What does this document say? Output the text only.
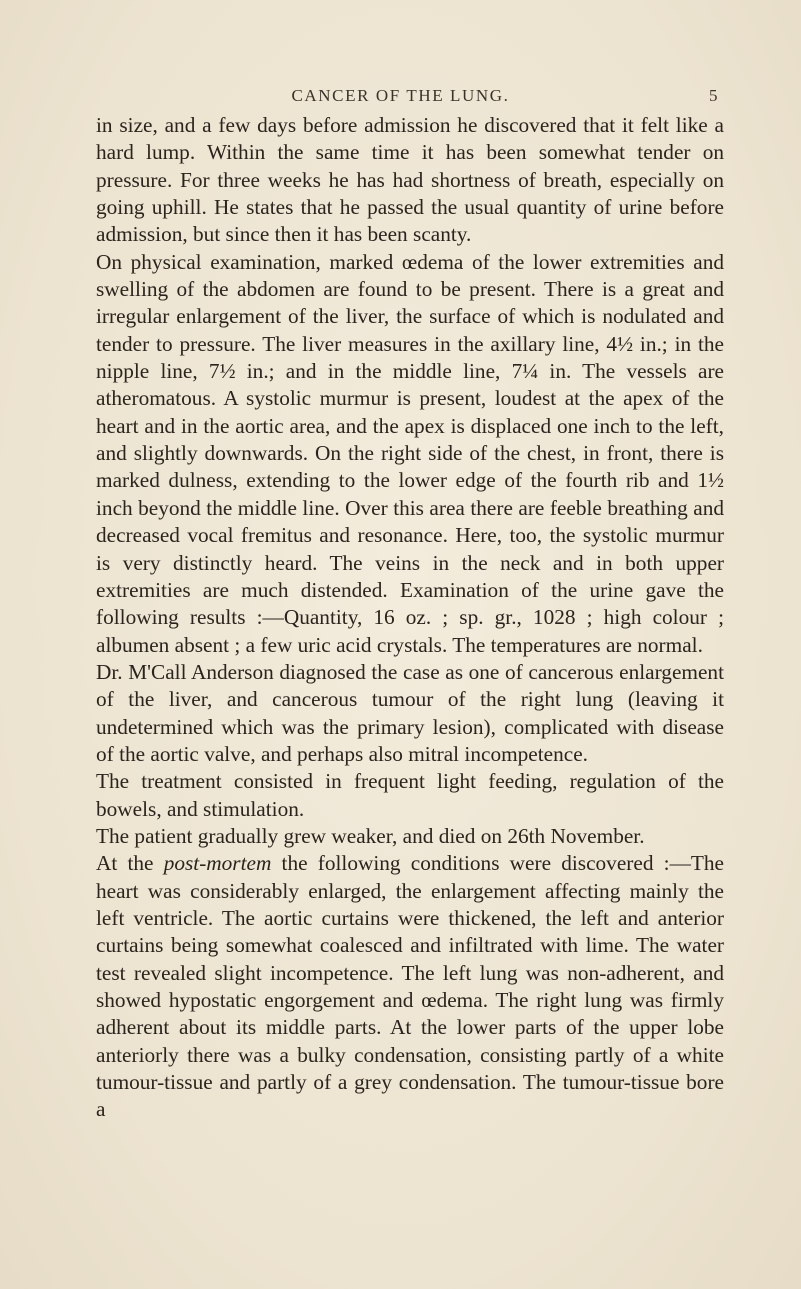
CANCER OF THE LUNG.	5

in size, and a few days before admission he discovered that it felt like a hard lump. Within the same time it has been somewhat tender on pressure. For three weeks he has had shortness of breath, especially on going uphill. He states that he passed the usual quantity of urine before admission, but since then it has been scanty.

On physical examination, marked œdema of the lower extremities and swelling of the abdomen are found to be present. There is a great and irregular enlargement of the liver, the surface of which is nodulated and tender to pressure. The liver measures in the axillary line, 4½ in.; in the nipple line, 7½ in.; and in the middle line, 7¼ in. The vessels are atheromatous. A systolic murmur is present, loudest at the apex of the heart and in the aortic area, and the apex is displaced one inch to the left, and slightly downwards. On the right side of the chest, in front, there is marked dulness, extending to the lower edge of the fourth rib and 1½ inch beyond the middle line. Over this area there are feeble breathing and decreased vocal fremitus and resonance. Here, too, the systolic murmur is very distinctly heard. The veins in the neck and in both upper extremities are much distended. Examination of the urine gave the following results :—Quantity, 16 oz. ; sp. gr., 1028 ; high colour ; albumen absent ; a few uric acid crystals. The temperatures are normal.

Dr. M'Call Anderson diagnosed the case as one of cancerous enlargement of the liver, and cancerous tumour of the right lung (leaving it undetermined which was the primary lesion), complicated with disease of the aortic valve, and perhaps also mitral incompetence.

The treatment consisted in frequent light feeding, regulation of the bowels, and stimulation.

The patient gradually grew weaker, and died on 26th November.

At the post-mortem the following conditions were discovered :—The heart was considerably enlarged, the enlargement affecting mainly the left ventricle. The aortic curtains were thickened, the left and anterior curtains being somewhat coalesced and infiltrated with lime. The water test revealed slight incompetence. The left lung was non-adherent, and showed hypostatic engorgement and œdema. The right lung was firmly adherent about its middle parts. At the lower parts of the upper lobe anteriorly there was a bulky condensation, consisting partly of a white tumour-tissue and partly of a grey condensation. The tumour-tissue bore a
